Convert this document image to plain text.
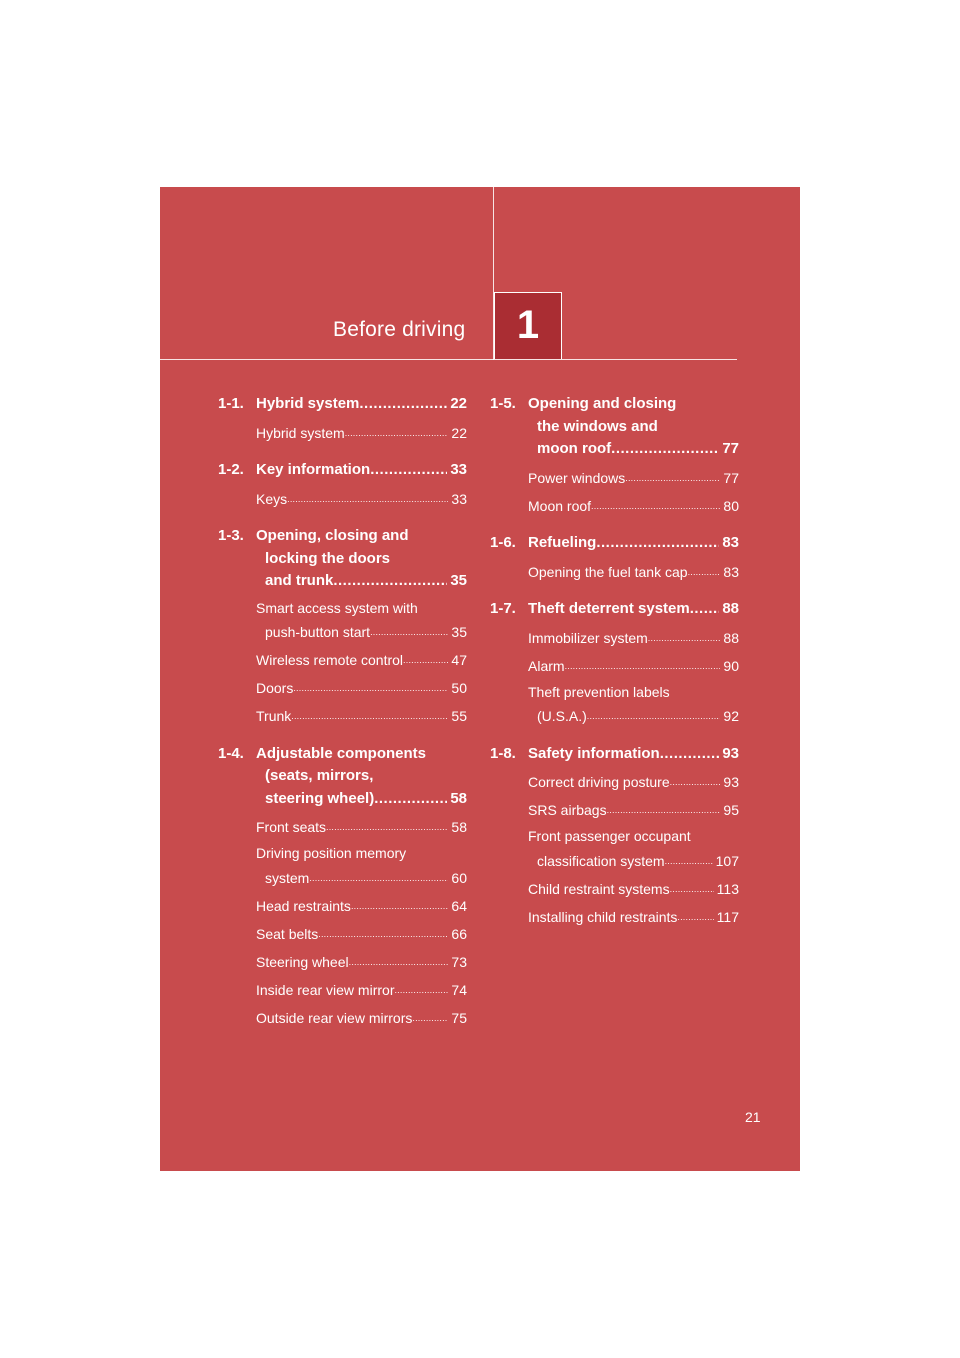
Before driving	1
1-1. Hybrid system .....	22
Hybrid system .....	22
1-2. Key information .....	33
Keys .....	33
1-3. Opening, closing and
locking the doors
and trunk .....	35
Smart access system with
push-button start .....	35
Wireless remote control .....	47
Doors .....	50
Trunk .....	55
1-4. Adjustable components
(seats, mirrors,
steering wheel) .....	58
Front seats .....	58
Driving position memory
system .....	60
Head restraints .....	64
Seat belts .....	66
Steering wheel .....	73
Inside rear view mirror .....	74
Outside rear view mirrors .....	75
1-5. Opening and closing
the windows and
moon roof .....	77
Power windows .....	77
Moon roof .....	80
1-6. Refueling .....	83
Opening the fuel tank cap .....	83
1-7. Theft deterrent system ..... 88
Immobilizer system .....	88
Alarm .....	90
Theft prevention labels
(U.S.A.) .....	92
1-8. Safety information .....	93
Correct driving posture .....	93
SRS airbags .....	95
Front passenger occupant
classification system .....	107
Child restraint systems .....	113
Installing child restraints .....	117
21
